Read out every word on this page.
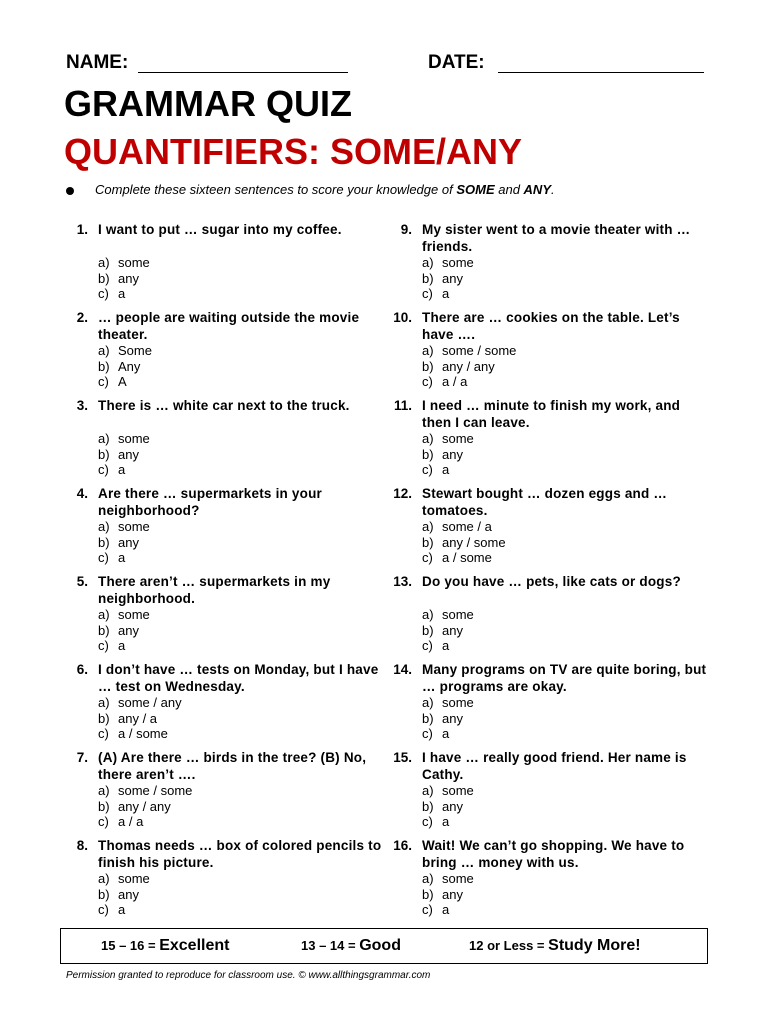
NAME:	DATE:
GRAMMAR QUIZ
QUANTIFIERS: SOME/ANY
Complete these sixteen sentences to score your knowledge of SOME and ANY.
1. I want to put … sugar into my coffee.
a) some
b) any
c) a
2. … people are waiting outside the movie theater.
a) Some
b) Any
c) A
3. There is … white car next to the truck.
a) some
b) any
c) a
4. Are there … supermarkets in your neighborhood?
a) some
b) any
c) a
5. There aren’t … supermarkets in my neighborhood.
a) some
b) any
c) a
6. I don’t have … tests on Monday, but I have … test on Wednesday.
a) some / any
b) any / a
c) a / some
7. (A) Are there … birds in the tree? (B) No, there aren’t ….
a) some / some
b) any / any
c) a / a
8. Thomas needs … box of colored pencils to finish his picture.
a) some
b) any
c) a
9. My sister went to a movie theater with … friends.
a) some
b) any
c) a
10. There are … cookies on the table. Let’s have ….
a) some / some
b) any / any
c) a / a
11. I need … minute to finish my work, and then I can leave.
a) some
b) any
c) a
12. Stewart bought … dozen eggs and … tomatoes.
a) some / a
b) any / some
c) a / some
13. Do you have … pets, like cats or dogs?
a) some
b) any
c) a
14. Many programs on TV are quite boring, but … programs are okay.
a) some
b) any
c) a
15. I have … really good friend. Her name is Cathy.
a) some
b) any
c) a
16. Wait! We can’t go shopping. We have to bring … money with us.
a) some
b) any
c) a
15 – 16 = Excellent	13 – 14 = Good	12 or Less = Study More!
Permission granted to reproduce for classroom use. © www.allthingsgrammar.com
